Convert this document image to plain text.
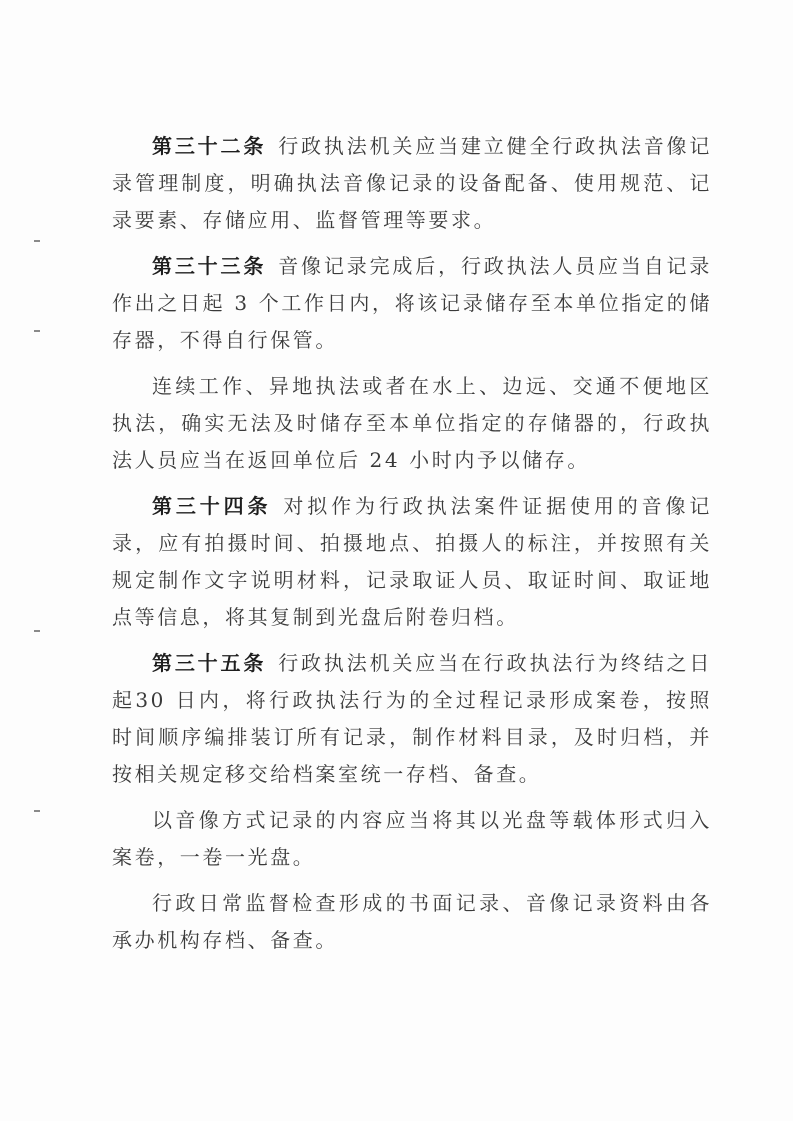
第三十二条 行政执法机关应当建立健全行政执法音像记录管理制度，明确执法音像记录的设备配备、使用规范、记录要素、存储应用、监督管理等要求。

第三十三条 音像记录完成后，行政执法人员应当自记录作出之日起 3 个工作日内，将该记录储存至本单位指定的储存器，不得自行保管。

连续工作、异地执法或者在水上、边远、交通不便地区执法，确实无法及时储存至本单位指定的存储器的，行政执法人员应当在返回单位后 24 小时内予以储存。

第三十四条 对拟作为行政执法案件证据使用的音像记录，应有拍摄时间、拍摄地点、拍摄人的标注，并按照有关规定制作文字说明材料，记录取证人员、取证时间、取证地点等信息，将其复制到光盘后附卷归档。

第三十五条 行政执法机关应当在行政执法行为终结之日起30 日内，将行政执法行为的全过程记录形成案卷，按照时间顺序编排装订所有记录，制作材料目录，及时归档，并按相关规定移交给档案室统一存档、备查。

以音像方式记录的内容应当将其以光盘等载体形式归入案卷，一卷一光盘。

行政日常监督检查形成的书面记录、音像记录资料由各承办机构存档、备查。
